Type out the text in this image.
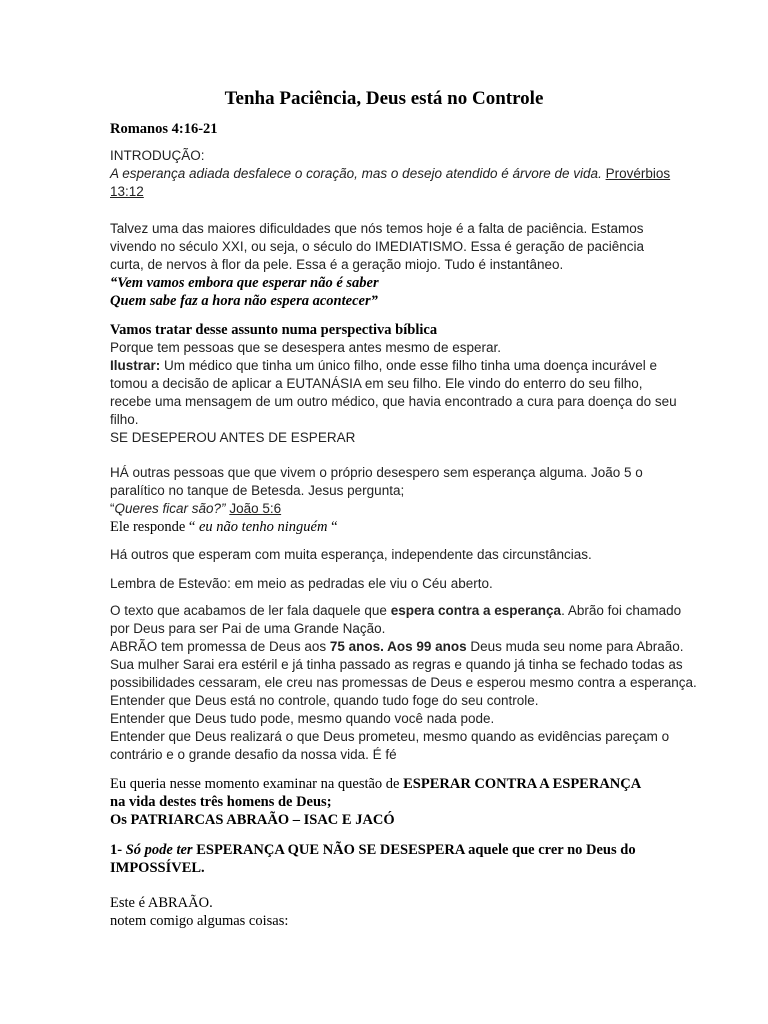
Tenha Paciência, Deus está no Controle
Romanos 4:16-21
INTRODUÇÃO:
A esperança adiada desfalece o coração, mas o desejo atendido é árvore de vida. Provérbios
13:12
Talvez uma das maiores dificuldades que nós temos hoje é a falta de paciência. Estamos
vivendo no século XXI, ou seja, o século do IMEDIATISMO. Essa é geração de paciência
curta, de nervos à flor da pele. Essa é a geração miojo. Tudo é instantâneo.
“Vem vamos embora que esperar não é saber
Quem sabe faz a hora não espera acontecer”
Vamos tratar desse assunto numa perspectiva bíblica
Porque tem pessoas que se desespera antes mesmo de esperar.
Ilustrar: Um médico que tinha um único filho, onde esse filho tinha uma doença incurável e
tomou a decisão de aplicar a EUTANÁSIA em seu filho. Ele vindo do enterro do seu filho,
recebe uma mensagem de um outro médico, que havia encontrado a cura para doença do seu
filho.
SE DESEPEROU ANTES DE ESPERAR
HÁ outras pessoas que que vivem o próprio desespero sem esperança alguma. João 5 o
paralítico no tanque de Betesda. Jesus pergunta;
“Queres ficar são?” João 5:6
Ele responde “ eu não tenho ninguém “
Há outros que esperam com muita esperança, independente das circunstâncias.
Lembra de Estevão: em meio as pedradas ele viu o Céu aberto.
O texto que acabamos de ler fala daquele que espera contra a esperança. Abrão foi chamado
por Deus para ser Pai de uma Grande Nação.
ABRÃO tem promessa de Deus aos 75 anos. Aos 99 anos Deus muda seu nome para Abraão.
Sua mulher Sarai era estéril e já tinha passado as regras e quando já tinha se fechado todas as
possibilidades cessaram, ele creu nas promessas de Deus e esperou mesmo contra a esperança.
Entender que Deus está no controle, quando tudo foge do seu controle.
Entender que Deus tudo pode, mesmo quando você nada pode.
Entender que Deus realizará o que Deus prometeu, mesmo quando as evidências pareçam o
contrário e o grande desafio da nossa vida. É fé
Eu queria nesse momento examinar na questão de ESPERAR CONTRA A ESPERANÇA
na vida destes três homens de Deus;
Os PATRIARCAS ABRAÃO – ISAC E JACÓ
1- Só pode ter ESPERANÇA QUE NÃO SE DESESPERA aquele que crer no Deus do
IMPOSSÍVEL.
Este é ABRAÃO.
notem comigo algumas coisas:
